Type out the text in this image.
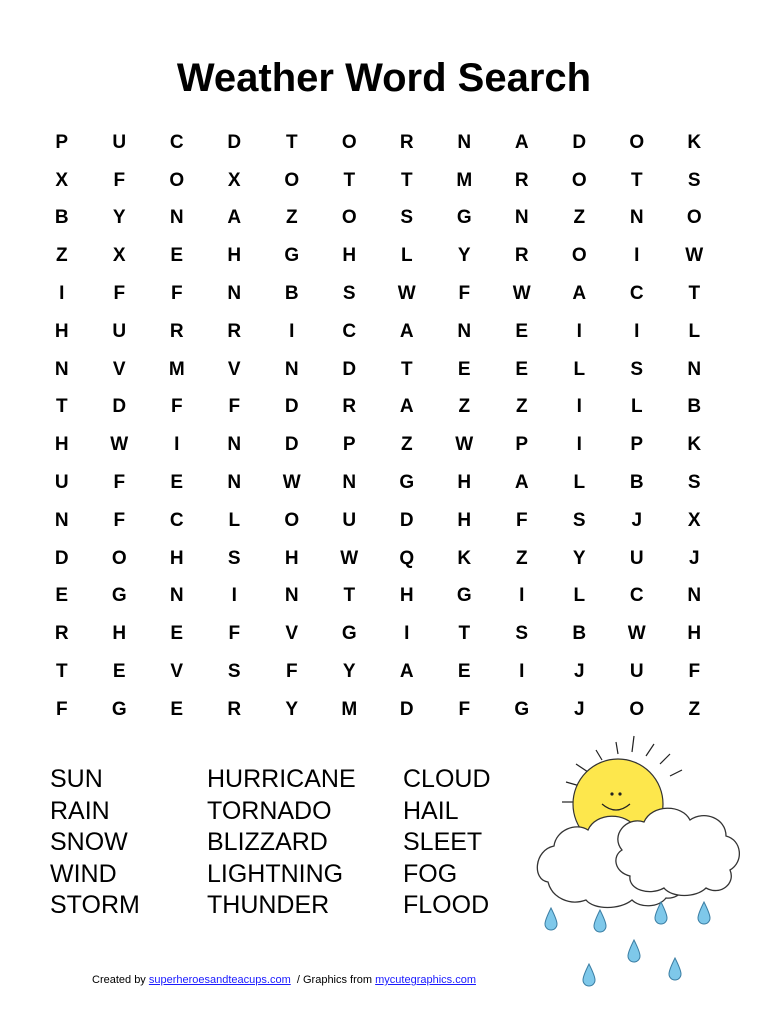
Weather Word Search
P	U	C	D	T	O	R	N	A	D	O	K
X	F	O	X	O	T	T	M	R	O	T	S
B	Y	N	A	Z	O	S	G	N	Z	N	O
Z	X	E	H	G	H	L	Y	R	O	I	W
I	F	F	N	B	S	W	F	W	A	C	T
H	U	R	R	I	C	A	N	E	I	I	L
N	V	M	V	N	D	T	E	E	L	S	N
T	D	F	F	D	R	A	Z	Z	I	L	B
H	W	I	N	D	P	Z	W	P	I	P	K
U	F	E	N	W	N	G	H	A	L	B	S
N	F	C	L	O	U	D	H	F	S	J	X
D	O	H	S	H	W	Q	K	Z	Y	U	J
E	G	N	I	N	T	H	G	I	L	C	N
R	H	E	F	V	G	I	T	S	B	W	H
T	E	V	S	F	Y	A	E	I	J	U	F
F	G	E	R	Y	M	D	F	G	J	O	Z
SUN
RAIN
SNOW
WIND
STORM
HURRICANE
TORNADO
BLIZZARD
LIGHTNING
THUNDER
CLOUD
HAIL
SLEET
FOG
FLOOD
Created by superheroesandteacups.com / Graphics from mycutegraphics.com
